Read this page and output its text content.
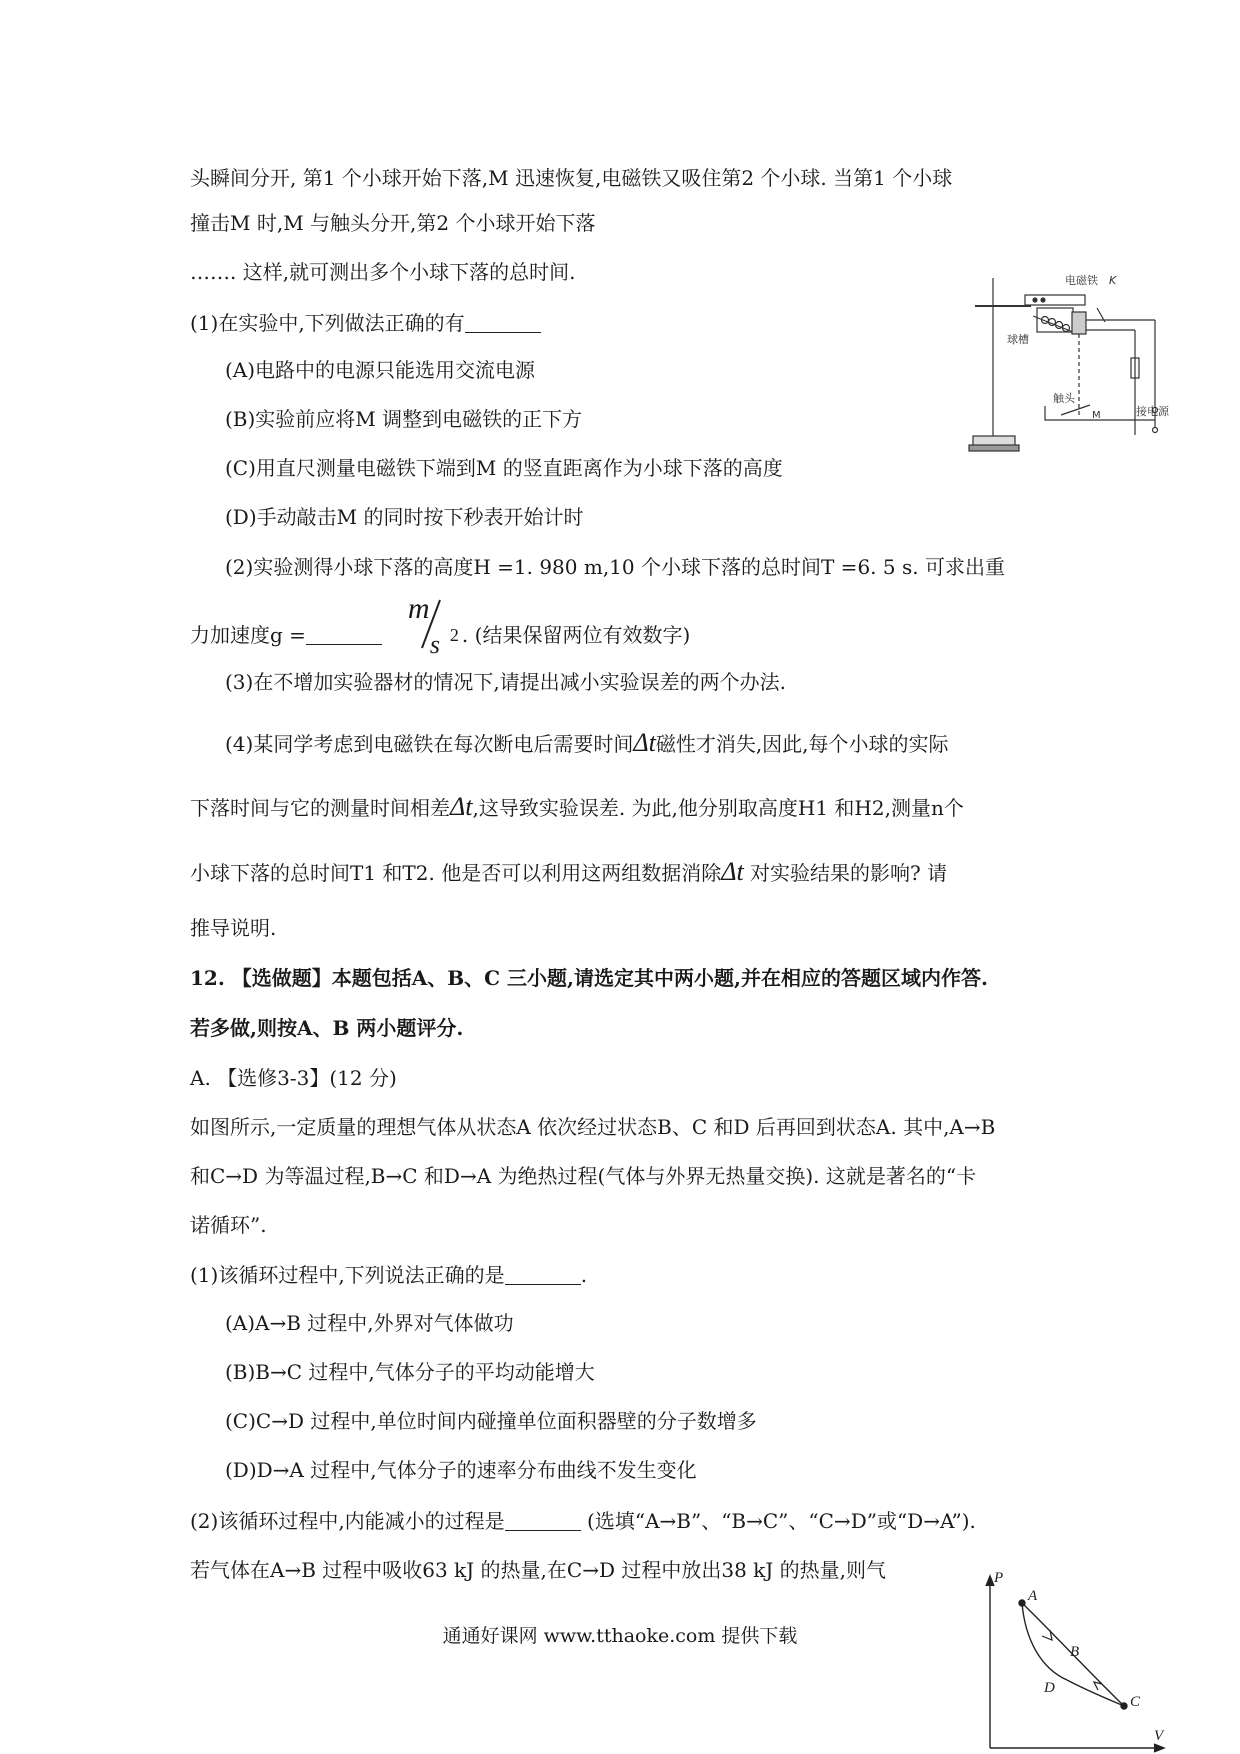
头瞬间分开, 第1 个小球开始下落,M 迅速恢复,电磁铁又吸住第2 个小球. 当第1 个小球
撞击M 时,M 与触头分开,第2 个小球开始下落
……. 这样,就可测出多个小球下落的总时间.
(1)在实验中,下列做法正确的有
(A)电路中的电源只能选用交流电源
(B)实验前应将M 调整到电磁铁的正下方
(C)用直尺测量电磁铁下端到M 的竖直距离作为小球下落的高度
(D)手动敲击M 的同时按下秒表开始计时
(2)实验测得小球下落的高度H =1. 980 m,10 个小球下落的总时间T =6. 5 s. 可求出重
力加速度g =
m
s 2 . (结果保留两位有效数字)
(3)在不增加实验器材的情况下,请提出减小实验误差的两个办法.
(4)某同学考虑到电磁铁在每次断电后需要时间Δt磁性才消失,因此,每个小球的实际
下落时间与它的测量时间相差Δt,这导致实验误差. 为此,他分别取高度H1 和H2,测量n个
小球下落的总时间T1 和T2. 他是否可以利用这两组数据消除Δt 对实验结果的影响? 请
推导说明.
12. 【选做题】本题包括A、B、C 三小题,请选定其中两小题,并在相应的答题区域内作答.
若多做,则按A、B 两小题评分.
A. 【选修3-3】(12 分)
如图所示,一定质量的理想气体从状态A 依次经过状态B、C 和D 后再回到状态A. 其中,A→B
和C→D 为等温过程,B→C 和D→A 为绝热过程(气体与外界无热量交换). 这就是著名的“卡
诺循环”.
(1)该循环过程中,下列说法正确的是	.
(A)A→B 过程中,外界对气体做功
(B)B→C 过程中,气体分子的平均动能增大
(C)C→D 过程中,单位时间内碰撞单位面积器壁的分子数增多
(D)D→A 过程中,气体分子的速率分布曲线不发生变化
(2)该循环过程中,内能减小的过程是	(选填“A→B”、“B→C”、“C→D”或“D→A”).
若气体在A→B 过程中吸收63 kJ 的热量,在C→D 过程中放出38 kJ 的热量,则气
电磁铁 K
球槽
触头
M	接电源
P
V
A
B
C
D
通通好课网 www.tthaoke.com 提供下载
